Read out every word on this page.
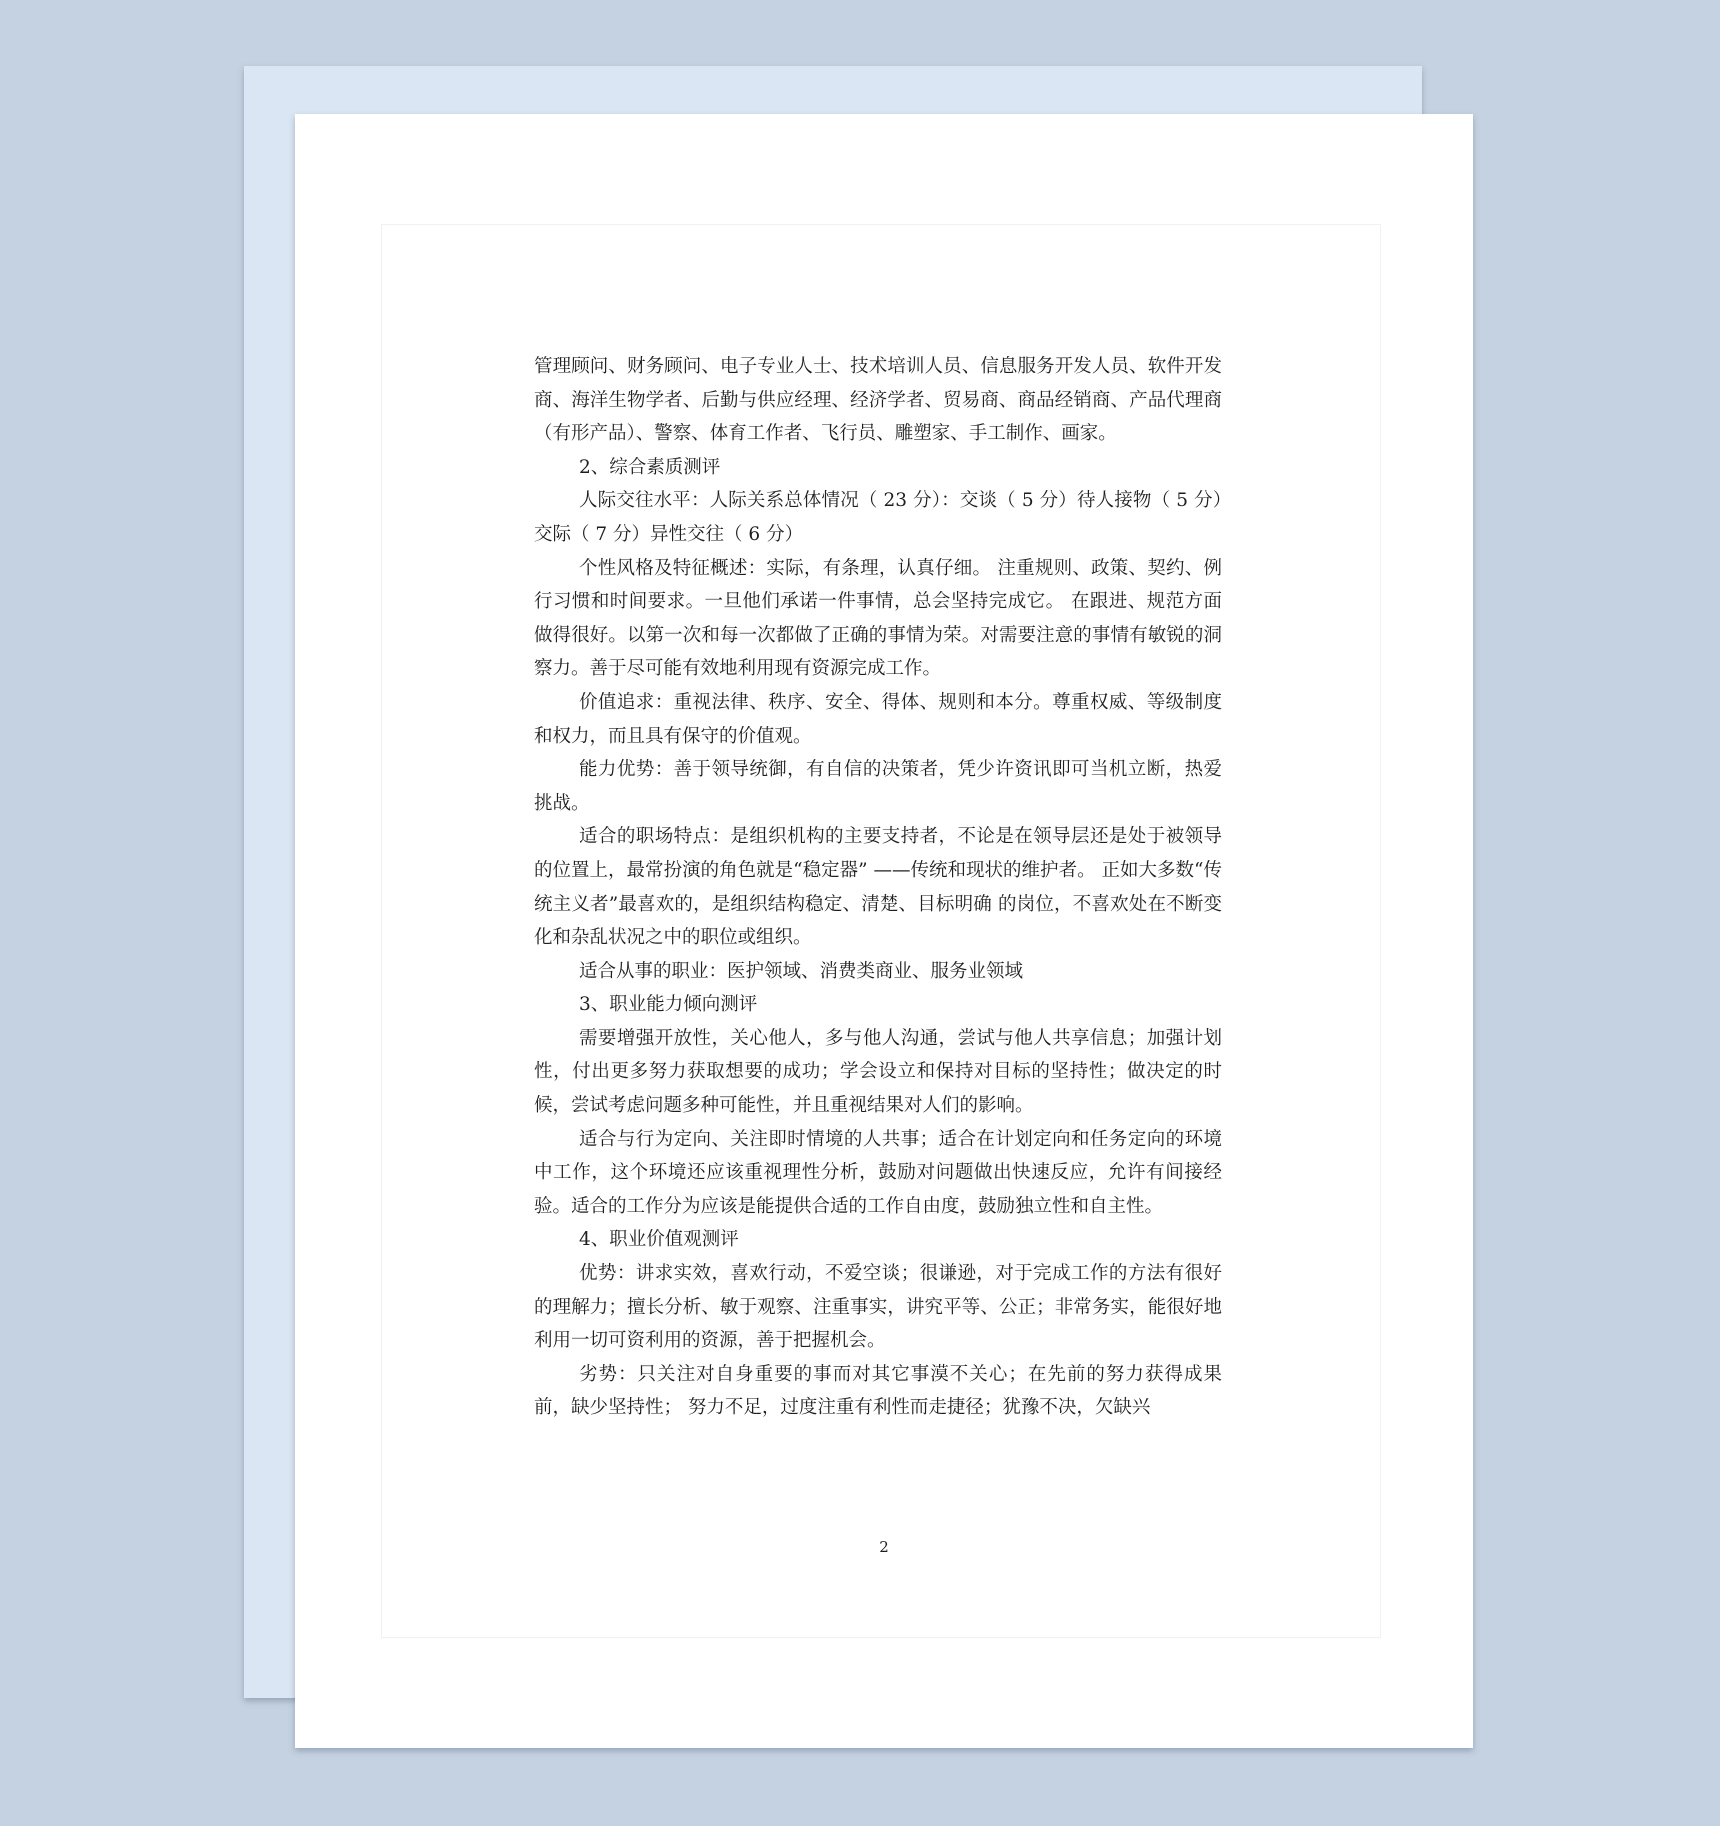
管理顾问、财务顾问、电子专业人士、技术培训人员、信息服务开发人员、软件开发商、海洋生物学者、后勤与供应经理、经济学者、贸易商、商品经销商、产品代理商（有形产品）、警察、体育工作者、飞行员、雕塑家、手工制作、画家。

2、综合素质测评

人际交往水平：人际关系总体情况（ 23 分）：交谈（ 5 分）待人接物（ 5 分）交际（ 7 分）异性交往（ 6 分）

个性风格及特征概述：实际，有条理，认真仔细。 注重规则、政策、契约、例行习惯和时间要求。一旦他们承诺一件事情，总会坚持完成它。 在跟进、规范方面做得很好。以第一次和每一次都做了正确的事情为荣。对需要注意的事情有敏锐的洞察力。善于尽可能有效地利用现有资源完成工作。

价值追求：重视法律、秩序、安全、得体、规则和本分。尊重权威、等级制度和权力，而且具有保守的价值观。

能力优势：善于领导统御，有自信的决策者，凭少许资讯即可当机立断，热爱挑战。

适合的职场特点：是组织机构的主要支持者，不论是在领导层还是处于被领导的位置上，最常扮演的角色就是“稳定器” ——传统和现状的维护者。 正如大多数“传统主义者”最喜欢的，是组织结构稳定、清楚、目标明确 的岗位，不喜欢处在不断变化和杂乱状况之中的职位或组织。

适合从事的职业：医护领域、消费类商业、服务业领域

3、职业能力倾向测评

需要增强开放性，关心他人，多与他人沟通，尝试与他人共享信息；加强计划性，付出更多努力获取想要的成功；学会设立和保持对目标的坚持性；做决定的时候，尝试考虑问题多种可能性，并且重视结果对人们的影响。

适合与行为定向、关注即时情境的人共事；适合在计划定向和任务定向的环境中工作，这个环境还应该重视理性分析，鼓励对问题做出快速反应，允许有间接经验。适合的工作分为应该是能提供合适的工作自由度，鼓励独立性和自主性。

4、职业价值观测评

优势：讲求实效，喜欢行动，不爱空谈；很谦逊，对于完成工作的方法有很好的理解力；擅长分析、敏于观察、注重事实，讲究平等、公正；非常务实，能很好地利用一切可资利用的资源，善于把握机会。

劣势：只关注对自身重要的事而对其它事漠不关心；在先前的努力获得成果前，缺少坚持性； 努力不足，过度注重有利性而走捷径；犹豫不决，欠缺兴

2
